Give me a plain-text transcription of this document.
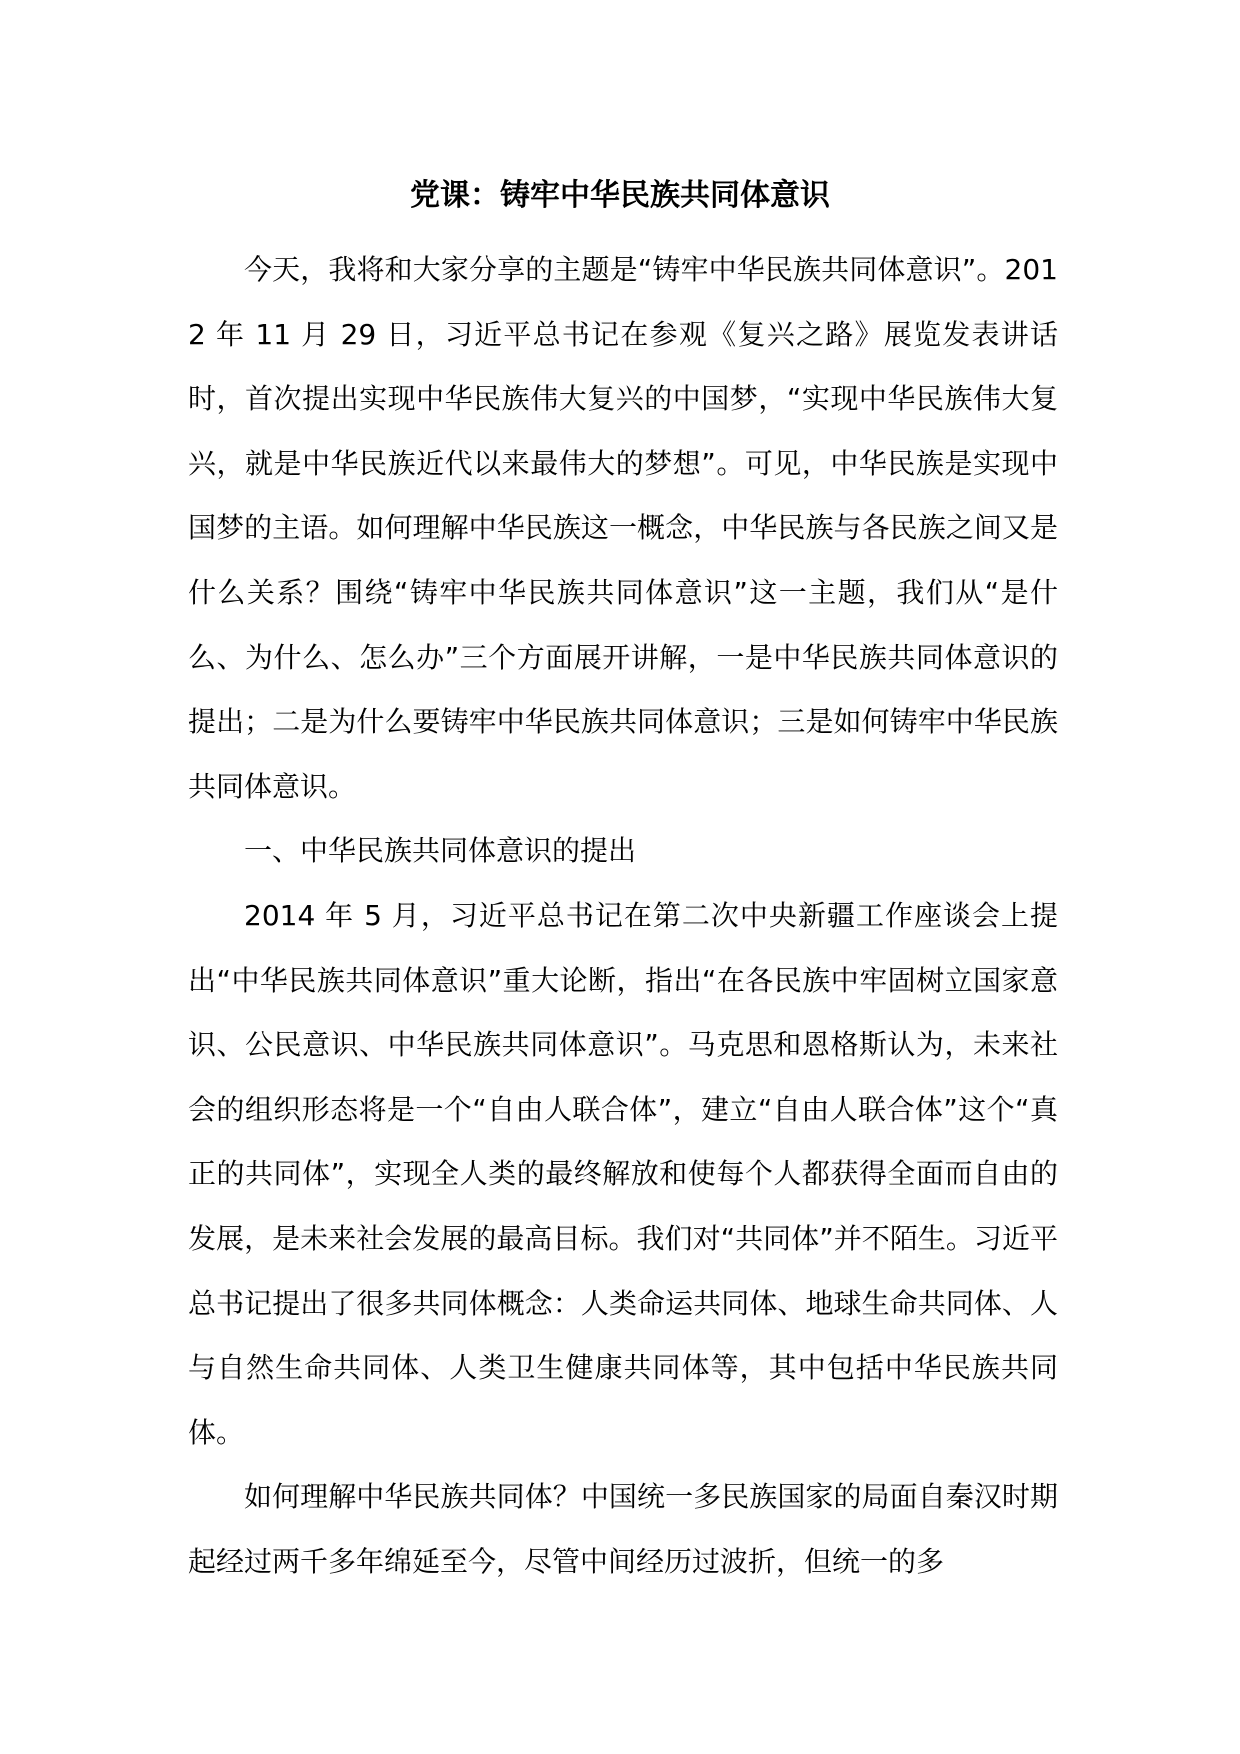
党课：铸牢中华民族共同体意识

今天，我将和大家分享的主题是“铸牢中华民族共同体意识”。2012 年 11 月 29 日，习近平总书记在参观《复兴之路》展览发表讲话时，首次提出实现中华民族伟大复兴的中国梦，“实现中华民族伟大复兴，就是中华民族近代以来最伟大的梦想”。可见，中华民族是实现中国梦的主语。如何理解中华民族这一概念，中华民族与各民族之间又是什么关系？围绕“铸牢中华民族共同体意识”这一主题，我们从“是什么、为什么、怎么办”三个方面展开讲解，一是中华民族共同体意识的提出；二是为什么要铸牢中华民族共同体意识；三是如何铸牢中华民族共同体意识。

一、中华民族共同体意识的提出

2014 年 5 月，习近平总书记在第二次中央新疆工作座谈会上提出“中华民族共同体意识”重大论断，指出“在各民族中牢固树立国家意识、公民意识、中华民族共同体意识”。马克思和恩格斯认为，未来社会的组织形态将是一个“自由人联合体”，建立“自由人联合体”这个“真正的共同体”，实现全人类的最终解放和使每个人都获得全面而自由的发展，是未来社会发展的最高目标。我们对“共同体”并不陌生。习近平总书记提出了很多共同体概念：人类命运共同体、地球生命共同体、人与自然生命共同体、人类卫生健康共同体等，其中包括中华民族共同体。

如何理解中华民族共同体？中国统一多民族国家的局面自秦汉时期起经过两千多年绵延至今，尽管中间经历过波折，但统一的多
